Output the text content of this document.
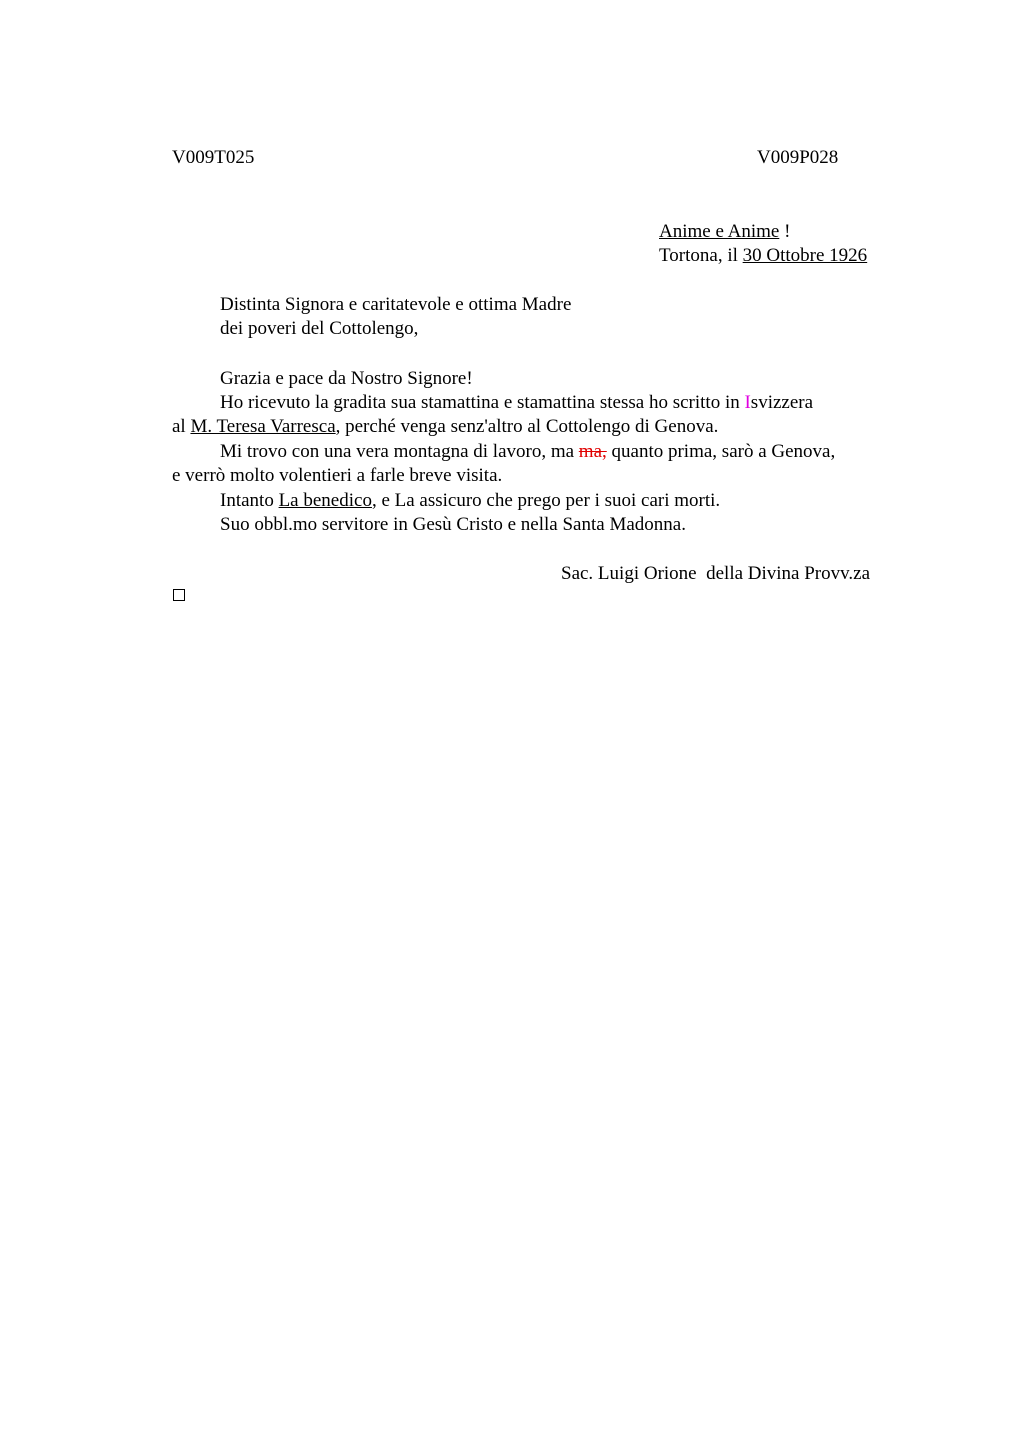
V009T025	V009P028
Anime e Anime !
Tortona, il 30 Ottobre 1926
Distinta Signora e caritatevole e ottima Madre
dei poveri del Cottolengo,
Grazia e pace da Nostro Signore!
Ho ricevuto la gradita sua stamattina e stamattina stessa ho scritto in Isvizzera
al M. Teresa Varresca, perché venga senz'altro al Cottolengo di Genova.
Mi trovo con una vera montagna di lavoro, ma ma, quanto prima, sarò a Genova,
e verrò molto volentieri a farle breve visita.
Intanto La benedico, e La assicuro che prego per i suoi cari morti.
Suo obbl.mo servitore in Gesù Cristo e nella Santa Madonna.
Sac. Luigi Orione  della Divina Provv.za
